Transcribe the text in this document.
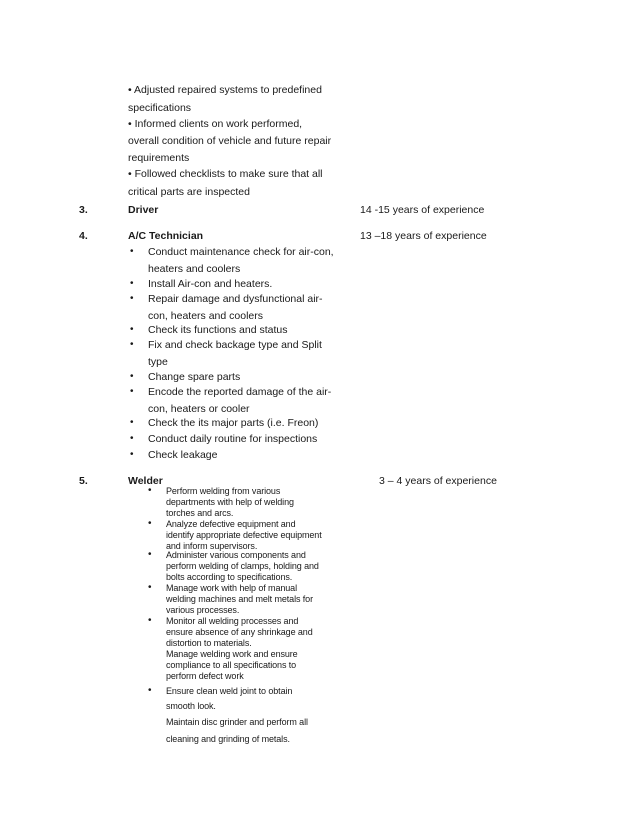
• Adjusted repaired systems to predefined
specifications
• Informed clients on work performed,
overall condition of vehicle and future repair
requirements
• Followed checklists to make sure that all
critical parts are inspected
3.	Driver	14 -15 years of experience
4.	A/C Technician	13 –18 years of experience
• Conduct maintenance check for air-con,
heaters and coolers
• Install Air-con and heaters.
• Repair damage and dysfunctional air-
con, heaters and coolers
• Check its functions and status
• Fix and check backage type and Split
type
• Change spare parts
• Encode the reported damage of the air-
con, heaters or cooler
• Check the its major parts (i.e. Freon)
• Conduct daily routine for inspections
• Check leakage
5.	Welder	3 – 4 years of experience
• Perform welding from various
departments with help of welding
torches and arcs.
• Analyze defective equipment and
identify appropriate defective equipment
and inform supervisors.
• Administer various components and
perform welding of clamps, holding and
bolts according to specifications.
• Manage work with help of manual
welding machines and melt metals for
various processes.
• Monitor all welding processes and
ensure absence of any shrinkage and
distortion to materials.
Manage welding work and ensure
compliance to all specifications to
perform defect work
• Ensure clean weld joint to obtain
smooth look.
Maintain disc grinder and perform all
cleaning and grinding of metals.
